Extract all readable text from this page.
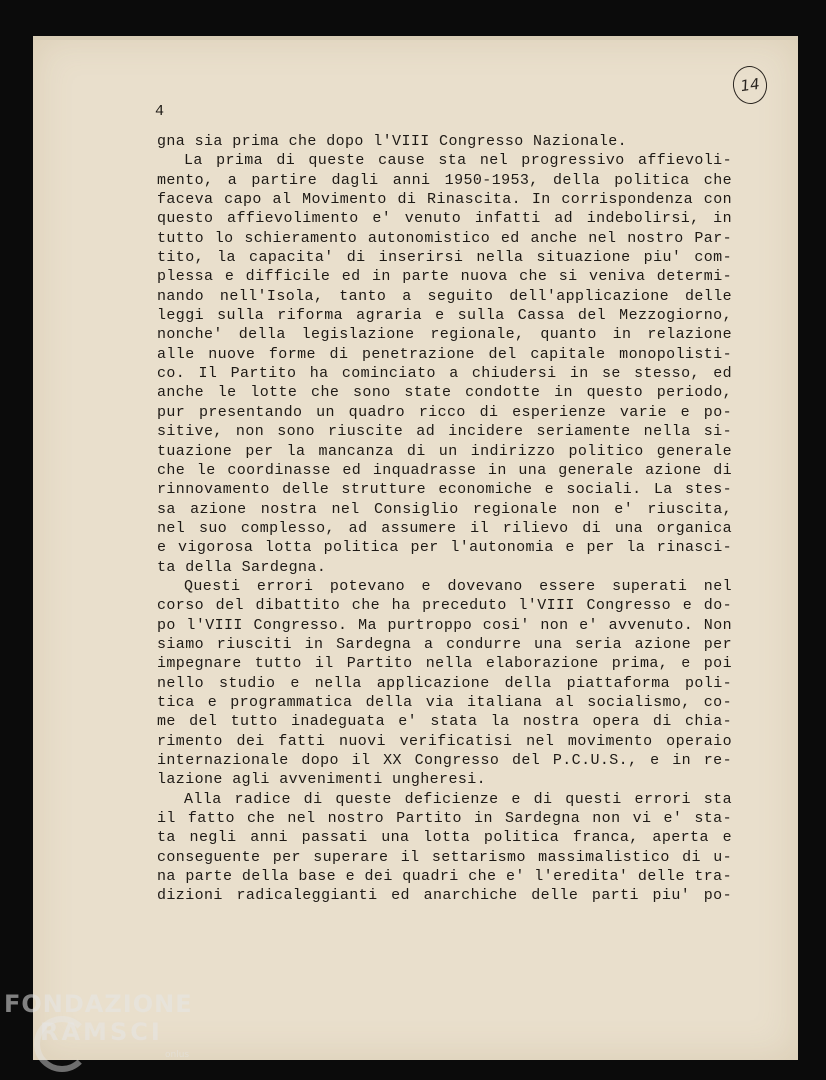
4
14
gna sia prima che dopo l'VIII Congresso Nazionale.
La prima di queste cause sta nel progressivo affievoli-
mento, a partire dagli anni 1950-1953, della politica che
faceva capo al Movimento di Rinascita. In corrispondenza con
questo affievolimento e' venuto infatti ad indebolirsi, in
tutto lo schieramento autonomistico ed anche nel nostro Par-
tito, la capacita' di inserirsi nella situazione piu' com-
plessa e difficile ed in parte nuova che si veniva determi-
nando nell'Isola, tanto a seguito dell'applicazione delle
leggi sulla riforma agraria e sulla Cassa del Mezzogiorno,
nonche' della legislazione regionale, quanto in relazione
alle nuove forme di penetrazione del capitale monopolisti-
co. Il Partito ha cominciato a chiudersi in se stesso, ed
anche le lotte che sono state condotte in questo periodo,
pur presentando un quadro ricco di esperienze varie e po-
sitive, non sono riuscite ad incidere seriamente nella si-
tuazione per la mancanza di un indirizzo politico generale
che le coordinasse ed inquadrasse in una generale azione di
rinnovamento delle strutture economiche e sociali. La stes-
sa azione nostra nel Consiglio regionale non e' riuscita,
nel suo complesso, ad assumere il rilievo di una organica
e vigorosa lotta politica per l'autonomia e per la rinasci-
ta della Sardegna.
Questi errori potevano e dovevano essere superati nel
corso del dibattito che ha preceduto l'VIII Congresso e do-
po l'VIII Congresso. Ma purtroppo cosi' non e' avvenuto. Non
siamo riusciti in Sardegna a condurre una seria azione per
impegnare tutto il Partito nella elaborazione prima, e poi
nello studio e nella applicazione della piattaforma poli-
tica e programmatica della via italiana al socialismo, co-
me del tutto inadeguata e' stata la nostra opera di chia-
rimento dei fatti nuovi verificatisi nel movimento operaio
internazionale dopo il XX Congresso del P.C.U.S., e in re-
lazione agli avvenimenti ungheresi.
Alla radice di queste deficienze e di questi errori sta
il fatto che nel nostro Partito in Sardegna non vi e' sta-
ta negli anni passati una lotta politica franca, aperta e
conseguente per superare il settarismo massimalistico di u-
na parte della base e dei quadri che e' l'eredita' delle tra-
dizioni radicaleggianti ed anarchiche delle parti piu' po-
FONDAZIONE
RAMSCI
onlus
